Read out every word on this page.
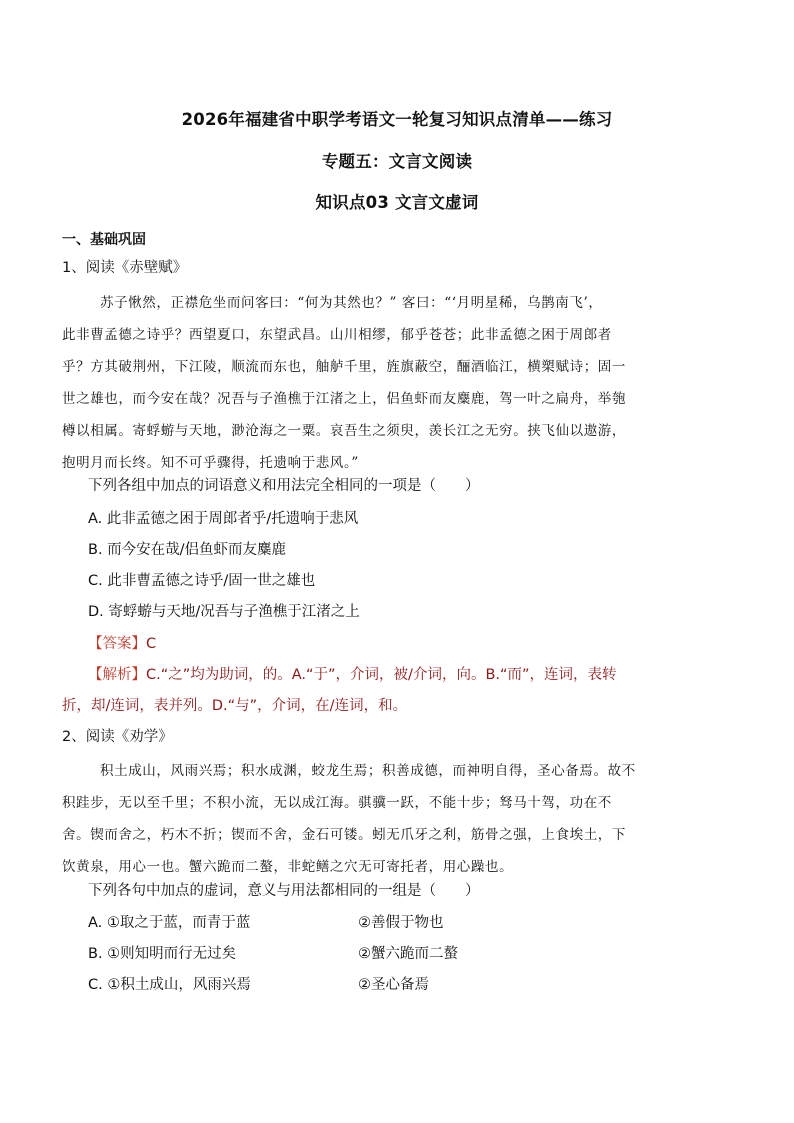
2026年福建省中职学考语文一轮复习知识点清单——练习
专题五：文言文阅读
知识点03 文言文虚词
一、基础巩固
1、阅读《赤壁赋》
苏子愀然，正襟危坐而问客曰：“何为其然也？” 客曰：“‘月明星稀，乌鹊南飞’，
此非曹孟德之诗乎？西望夏口，东望武昌。山川相缪，郁乎苍苍；此非孟德之困于周郎者
乎？方其破荆州，下江陵，顺流而东也，舳舻千里，旌旗蔽空，酾酒临江，横槊赋诗；固一
世之雄也，而今安在哉？况吾与子渔樵于江渚之上，侣鱼虾而友麋鹿，驾一叶之扁舟，举匏
樽以相属。寄蜉蝣与天地，渺沧海之一粟。哀吾生之须臾，羡长江之无穷。挟飞仙以遨游，
抱明月而长终。知不可乎骤得，托遗响于悲风。”
下列各组中加点的词语意义和用法完全相同的一项是（　　）
A. 此非孟德之困于周郎者乎/托遗响于悲风
B. 而今安在哉/侣鱼虾而友麋鹿
C. 此非曹孟德之诗乎/固一世之雄也
D. 寄蜉蝣与天地/况吾与子渔樵于江渚之上
【答案】C
【解析】C.“之”均为助词，的。A.“于”，介词，被/介词，向。B.“而”，连词，表转
折，却/连词，表并列。D.“与”，介词，在/连词，和。
2、阅读《劝学》
积土成山，风雨兴焉；积水成渊，蛟龙生焉；积善成德，而神明自得，圣心备焉。故不
积跬步，无以至千里；不积小流，无以成江海。骐骥一跃，不能十步；驽马十驾，功在不
舍。锲而舍之，朽木不折；锲而不舍，金石可镂。蚓无爪牙之利，筋骨之强，上食埃土，下
饮黄泉，用心一也。蟹六跪而二螯，非蛇鳝之穴无可寄托者，用心躁也。
下列各句中加点的虚词，意义与用法都相同的一组是（　　）
A. ①取之于蓝，而青于蓝	②善假于物也
B. ①则知明而行无过矣	②蟹六跪而二螯
C. ①积土成山，风雨兴焉	②圣心备焉
